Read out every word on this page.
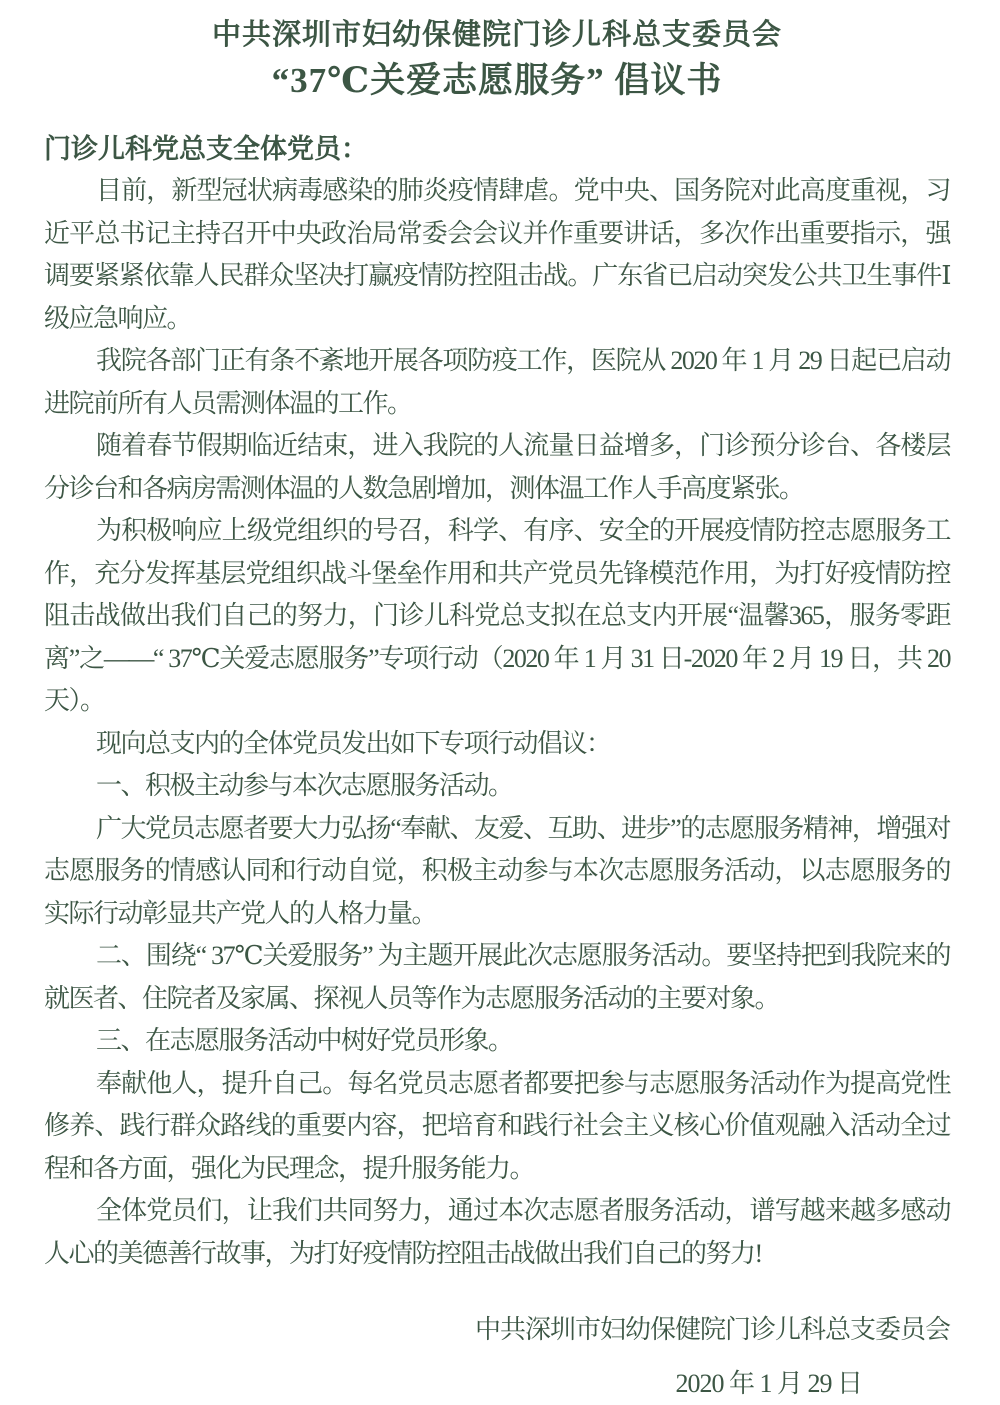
中共深圳市妇幼保健院门诊儿科总支委员会
“37℃关爱志愿服务” 倡议书
门诊儿科党总支全体党员：

目前，新型冠状病毒感染的肺炎疫情肆虐。党中央、国务院对此高度重视，习近平总书记主持召开中央政治局常委会会议并作重要讲话，多次作出重要指示，强调要紧紧依靠人民群众坚决打赢疫情防控阻击战。广东省已启动突发公共卫生事件Ⅰ级应急响应。

我院各部门正有条不紊地开展各项防疫工作，医院从 2020 年 1 月 29 日起已启动进院前所有人员需测体温的工作。

随着春节假期临近结束，进入我院的人流量日益增多，门诊预分诊台、各楼层分诊台和各病房需测体温的人数急剧增加，测体温工作人手高度紧张。

为积极响应上级党组织的号召，科学、有序、安全的开展疫情防控志愿服务工作，充分发挥基层党组织战斗堡垒作用和共产党员先锋模范作用，为打好疫情防控阻击战做出我们自己的努力，门诊儿科党总支拟在总支内开展“温馨365，服务零距离”之——“ 37℃关爱志愿服务”专项行动（2020 年 1 月 31 日-2020 年 2 月 19 日，共 20 天）。

现向总支内的全体党员发出如下专项行动倡议：

一、积极主动参与本次志愿服务活动。

广大党员志愿者要大力弘扬“奉献、友爱、互助、进步”的志愿服务精神，增强对志愿服务的情感认同和行动自觉，积极主动参与本次志愿服务活动，以志愿服务的实际行动彰显共产党人的人格力量。

二、围绕“ 37℃关爱服务” 为主题开展此次志愿服务活动。要坚持把到我院来的就医者、住院者及家属、探视人员等作为志愿服务活动的主要对象。

三、在志愿服务活动中树好党员形象。

奉献他人，提升自己。每名党员志愿者都要把参与志愿服务活动作为提高党性修养、践行群众路线的重要内容，把培育和践行社会主义核心价值观融入活动全过程和各方面，强化为民理念，提升服务能力。

全体党员们，让我们共同努力，通过本次志愿者服务活动，谱写越来越多感动人心的美德善行故事，为打好疫情防控阻击战做出我们自己的努力!

中共深圳市妇幼保健院门诊儿科总支委员会
2020 年 1 月 29 日
